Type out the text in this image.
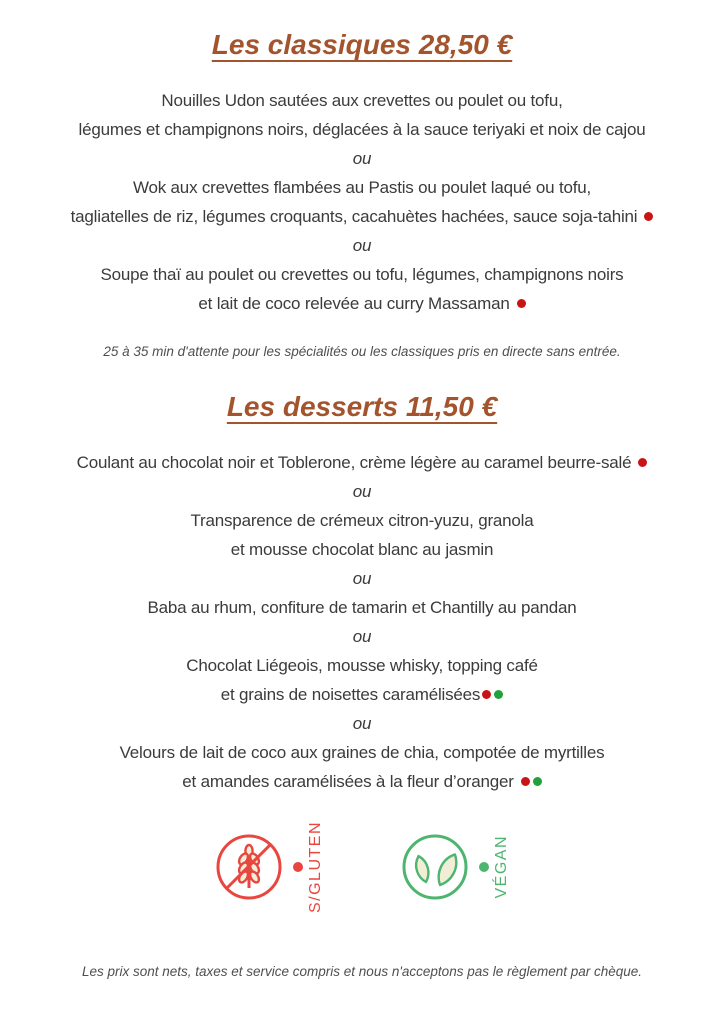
Les classiques 28,50 €
Nouilles Udon sautées aux crevettes ou poulet ou tofu,
légumes et champignons noirs, déglacées à la sauce teriyaki et noix de cajou
ou
Wok aux crevettes flambées au Pastis ou poulet laqué ou tofu,
tagliatelles de riz, légumes croquants, cacahuètes hachées, sauce soja-tahini
ou
Soupe thaï au poulet ou crevettes ou tofu, légumes, champignons noirs
et lait de coco relevée au curry Massaman
25 à 35 min d'attente pour les spécialités ou les classiques pris en directe sans entrée.
Les desserts 11,50 €
Coulant au chocolat noir et Toblerone, crème légère au caramel beurre-salé
ou
Transparence de crémeux citron-yuzu, granola
et mousse chocolat blanc au jasmin
ou
Baba au rhum, confiture de tamarin et Chantilly au pandan
ou
Chocolat Liégeois, mousse whisky, topping café
et grains de noisettes caramélisées
ou
Velours de lait de coco aux graines de chia, compotée de myrtilles
et amandes caramélisées à la fleur d’oranger
S/GLUTEN	VÉGAN
Les prix sont nets, taxes et service compris et nous n'acceptons pas le règlement par chèque.
